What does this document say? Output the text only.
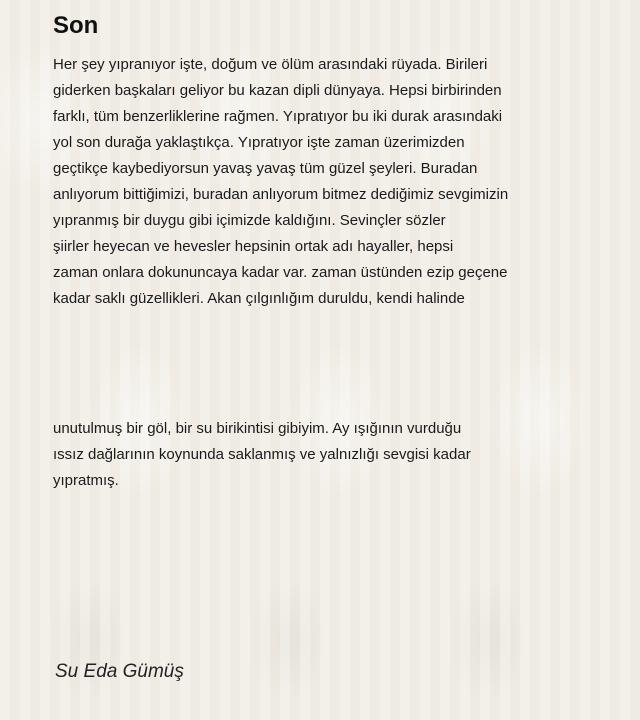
Son
Her şey yıpranıyor işte, doğum ve ölüm arasındaki rüyada. Birileri
giderken başkaları geliyor bu kazan dipli dünyaya. Hepsi birbirinden
farklı, tüm benzerliklerine rağmen. Yıpratıyor bu iki durak arasındaki
yol son durağa yaklaştıkça. Yıpratıyor işte zaman üzerimizden
geçtikçe kaybediyorsun yavaş yavaş tüm güzel şeyleri. Buradan
anlıyorum bittiğimizi, buradan anlıyorum bitmez dediğimiz sevgimizin
yıpranmış bir duygu gibi içimizde kaldığını. Sevinçler sözler
şiirler heyecan ve hevesler hepsinin ortak adı hayaller, hepsi
zaman onlara dokununcaya kadar var. zaman üstünden ezip geçene
kadar saklı güzellikleri. Akan çılgınlığım duruldu, kendi halinde
unutulmuş bir göl, bir su birikintisi gibiyim. Ay ışığının vurduğu
ıssız dağlarının koynunda saklanmış ve yalnızlığı sevgisi kadar
yıpratmış.
Su Eda Gümüş
